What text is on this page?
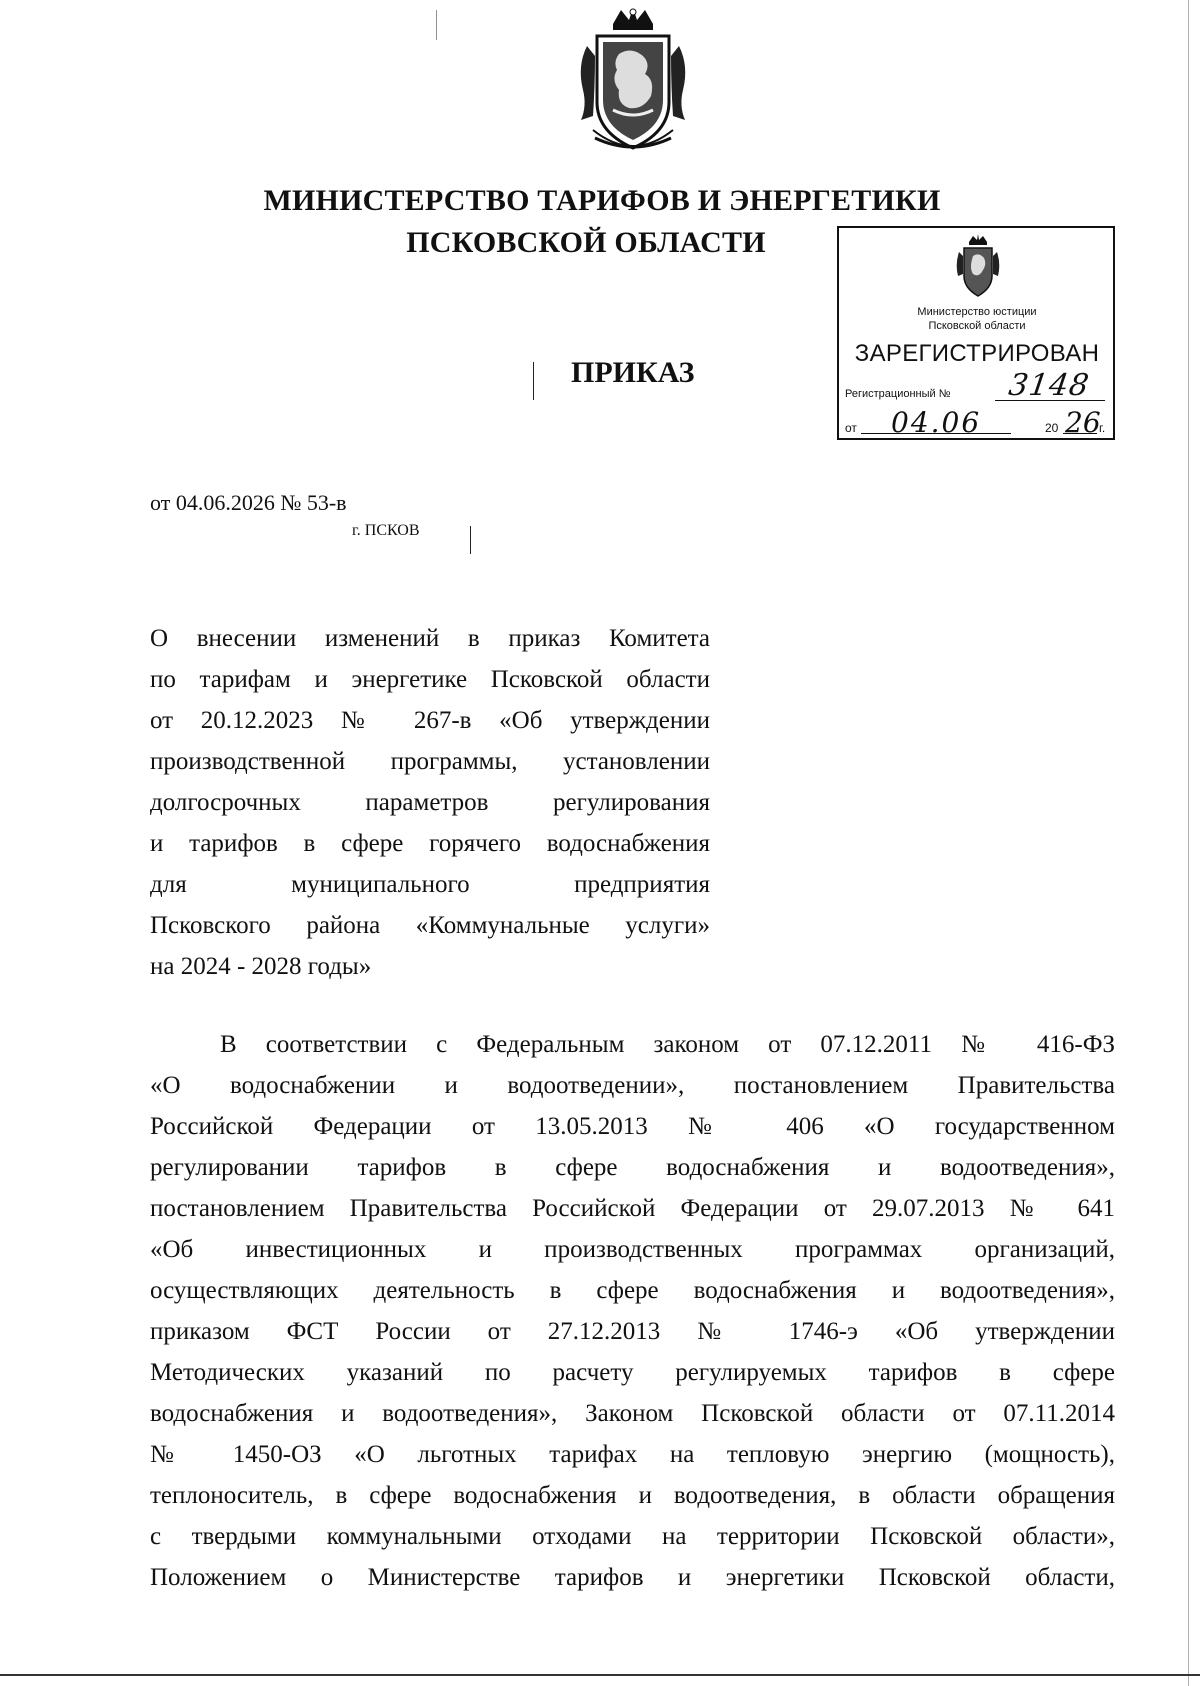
МИНИСТЕРСТВО ТАРИФОВ И ЭНЕРГЕТИКИ
ПСКОВСКОЙ ОБЛАСТИ
Министерство юстиции
Псковской области
ЗАРЕГИСТРИРОВАН
Регистрационный № 3148
от 04.06	20 26
г.
ПРИКАЗ
от 04.06.2026 № 53-в
г. ПСКОВ
О внесении изменений в приказ Комитета
по тарифам и энергетике Псковской области
от 20.12.2023 № 267-в «Об утверждении
производственной программы, установлении
долгосрочных параметров регулирования
и тарифов в сфере горячего водоснабжения
для муниципального предприятия
Псковского района «Коммунальные услуги»
на 2024 - 2028 годы»
В соответствии с Федеральным законом от 07.12.2011 № 416-ФЗ
«О водоснабжении и водоотведении», постановлением Правительства
Российской Федерации от 13.05.2013 № 406 «О государственном
регулировании тарифов в сфере водоснабжения и водоотведения»,
постановлением Правительства Российской Федерации от 29.07.2013 № 641
«Об инвестиционных и производственных программах организаций,
осуществляющих деятельность в сфере водоснабжения и водоотведения»,
приказом ФСТ России от 27.12.2013 № 1746-э «Об утверждении
Методических указаний по расчету регулируемых тарифов в сфере
водоснабжения и водоотведения», Законом Псковской области от 07.11.2014
№ 1450-ОЗ «О льготных тарифах на тепловую энергию (мощность),
теплоноситель, в сфере водоснабжения и водоотведения, в области обращения
с твердыми коммунальными отходами на территории Псковской области»,
Положением о Министерстве тарифов и энергетики Псковской области,
